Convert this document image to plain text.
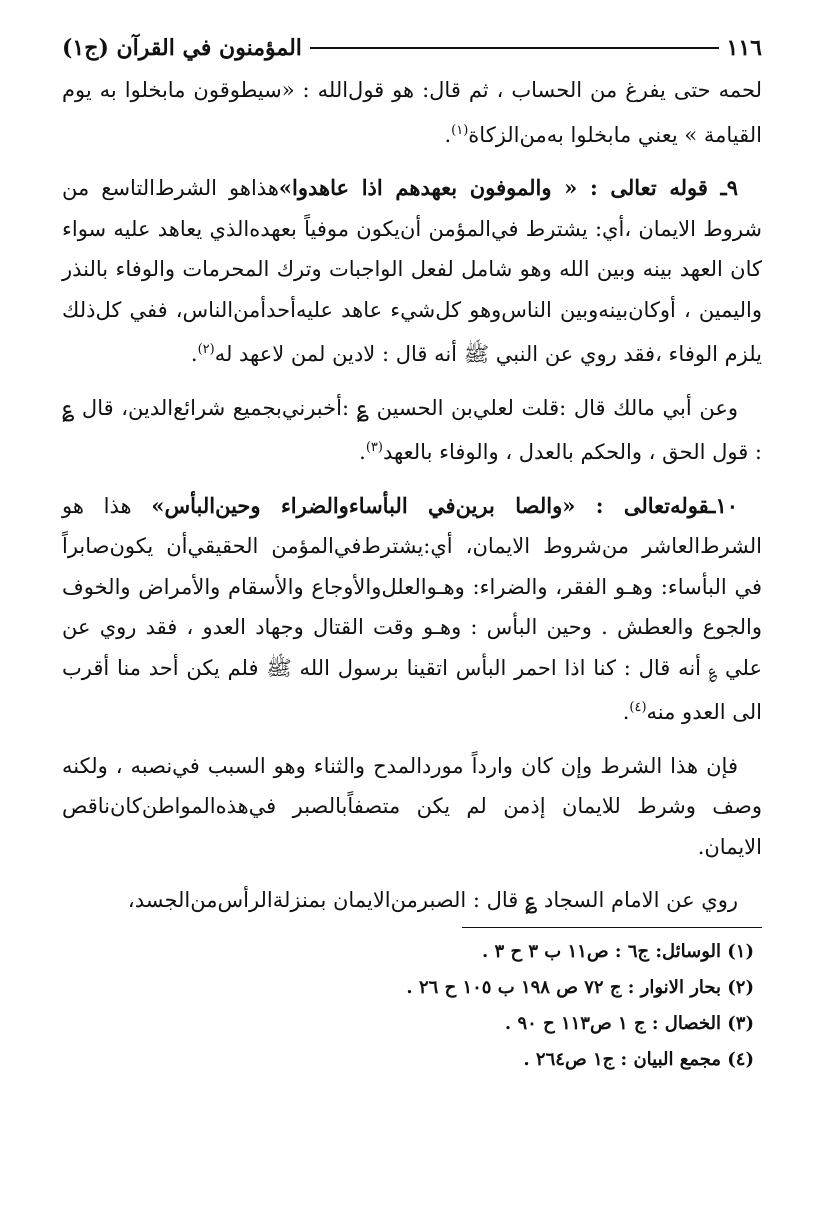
١١٦
المؤمنون في القرآن (ج١)

لحمه حتى يفرغ من الحساب ، ثم قال: هو قول‌الله : «سيطوقون مابخلوا به يوم القيامة » يعني مابخلوا به‌من‌الزكاة$^{(١)}$.

٩ـ قوله تعالى : « والموفون بعهدهم اذا عاهدوا»هذاهو الشرط‌التاسع من شروط الايمان ،أي: يشترط في‌المؤمن أن‌يكون موفياً بعهده‌الذي يعاهد عليه سواء كان العهد بينه وبين الله وهو شامل لفعل الواجبات وترك المحرمات والوفاء بالنذر واليمين ، أوكان‌بينه‌وبين الناس‌وهو كل‌شيء عاهد عليه‌أحدأمن‌الناس، ففي كل‌ذلك يلزم الوفاء ،فقد روي عن النبي ﷺ أنه قال : لادين لمن لاعهد له$^{(٢)}$.

وعن أبي مالك قال :قلت لعلي‌بن الحسين ؏ :أخبرني‌بجميع شرائع‌الدين، قال ؏ : قول الحق ، والحكم بالعدل ، والوفاء بالعهد$^{(٣)}$.

١٠ـقوله‌تعالى : «والصا برين‌في البأساء‌والضراء وحين‌البأس» هذا هو الشرط‌العاشر من‌شروط الايمان، أي:يشترط‌في‌المؤمن الحقيقي‌أن يكون‌صابراً في البأساء: وهـو الفقر، والضراء: وهـوالعلل‌والأوجاع والأسقام والأمراض والخوف والجوع والعطش . وحين البأس : وهـو وقت القتال وجهاد العدو ، فقد روي عن علي ؏ أنه قال : كنا اذا احمر البأس اتقينا برسول الله ﷺ فلم يكن أحد منا أقرب الى العدو منه$^{(٤)}$.

فإن هذا الشرط وإن كان وارداً موردالمدح والثناء وهو السبب في‌نصبه ، ولكنه وصف وشرط للايمان إذمن لم يكن متصفاًبالصبر في‌هذه‌المواطن‌كان‌ناقص الايمان.

روي عن الامام السجاد ؏ قال : الصبرمن‌الايمان بمنزلة‌الرأس‌من‌الجسد،

(١) الوسائل: ج٦ : ص١١ ب ٣ ح ٣ .
(٢) بحار الانوار : ج ٧٢ ص ١٩٨ ب ١٠٥ ح ٢٦ .
(٣) الخصال : ج ١ ص١١٣ ح ٩٠ .
(٤) مجمع البيان : ج١ ص٢٦٤ .
